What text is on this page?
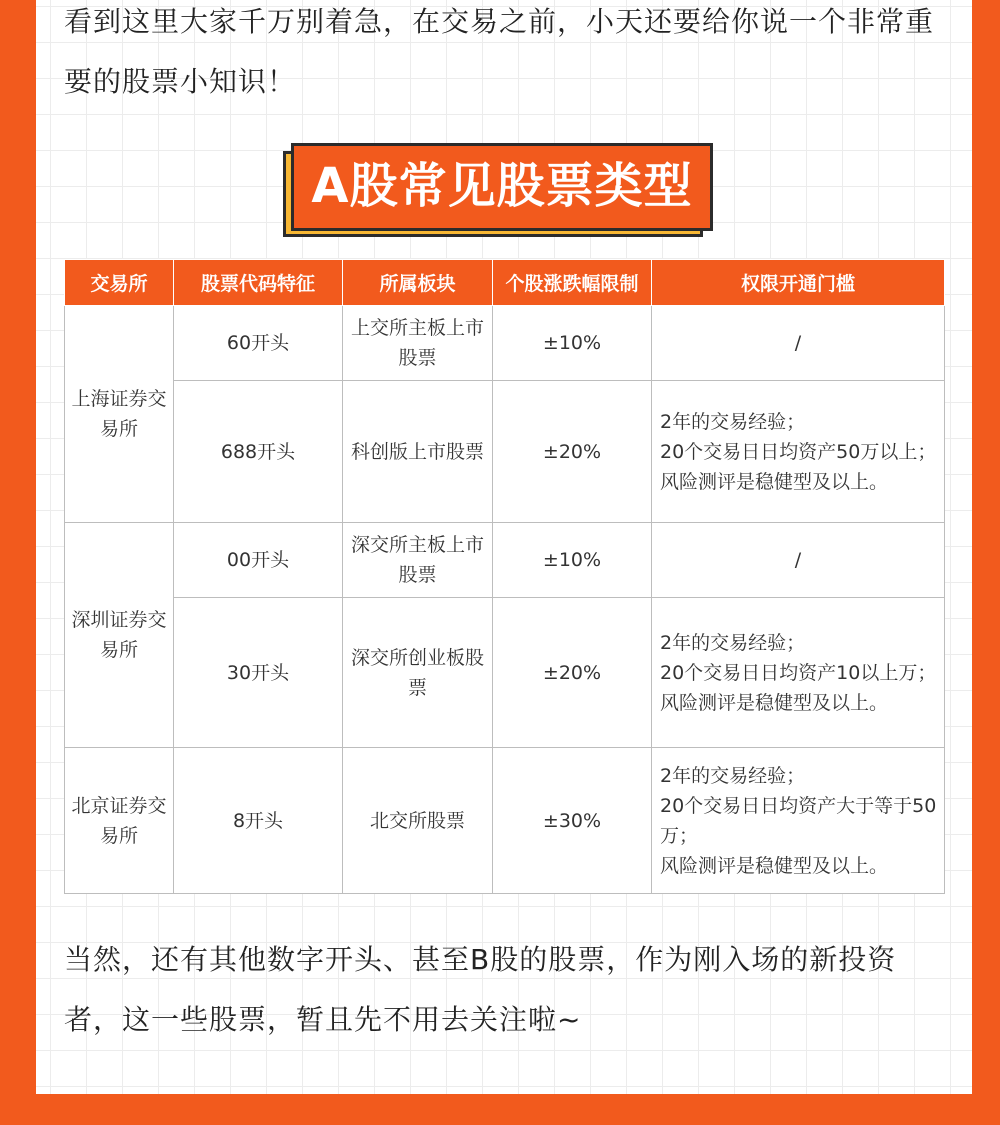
看到这里大家千万别着急，在交易之前，小天还要给你说一个非常重要的股票小知识！

A股常见股票类型
交易所	股票代码特征	所属板块	个股涨跌幅限制	权限开通门槛
上海证券交易所	60开头	上交所主板上市股票	±10%	/
	688开头	科创版上市股票	±20%	2年的交易经验；
20个交易日日均资产50万以上；
风险测评是稳健型及以上。

深圳证券交易所	00开头	深交所主板上市股票	±10%	/
	30开头	深交所创业板股票	±20%	2年的交易经验；
20个交易日日均资产10以上万；
风险测评是稳健型及以上。

北京证券交易所	8开头	北交所股票	±30%	2年的交易经验；
20个交易日日均资产大于等于50万；
风险测评是稳健型及以上。

当然，还有其他数字开头、甚至B股的股票，作为刚入场的新投资者，这一些股票，暂且先不用去关注啦~
